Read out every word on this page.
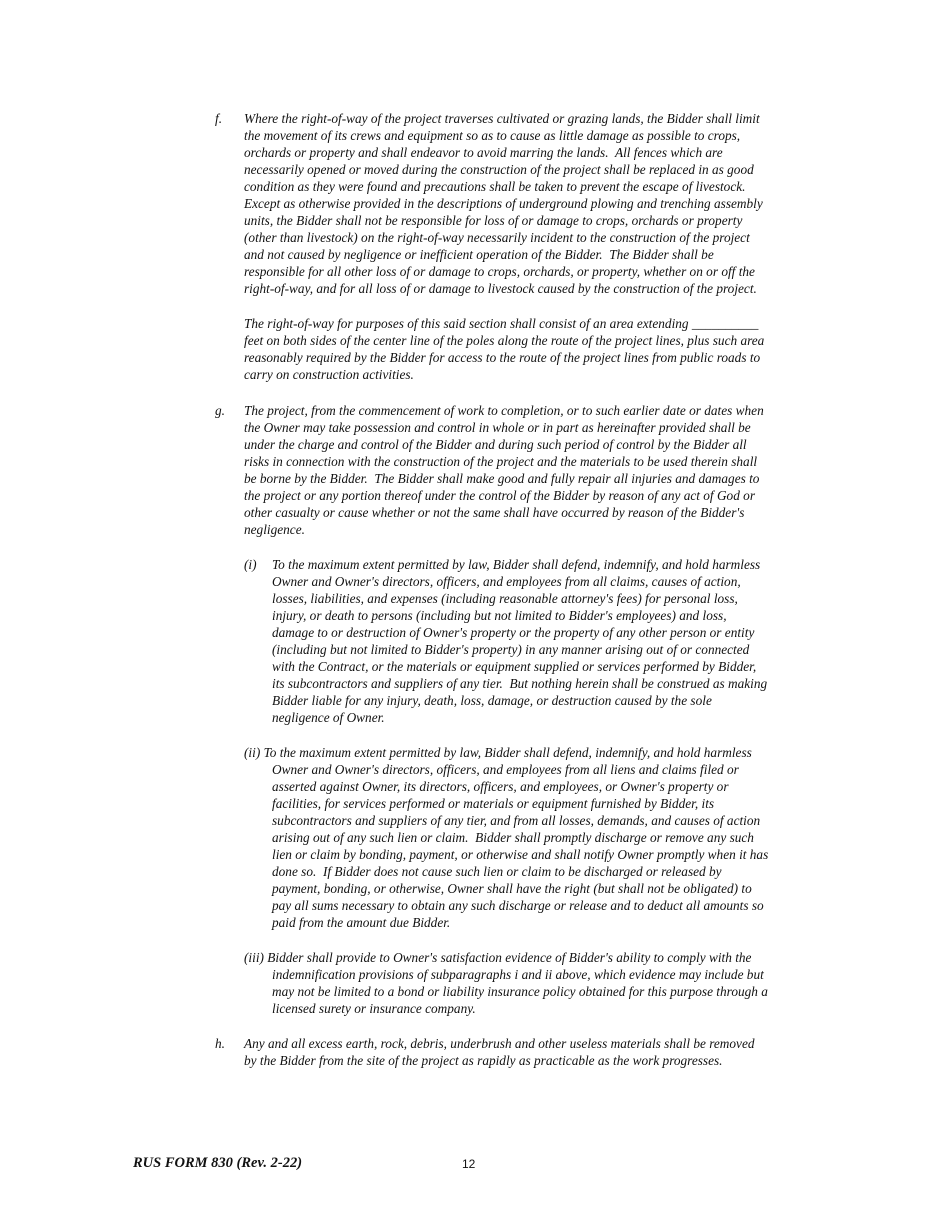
f. Where the right-of-way of the project traverses cultivated or grazing lands, the Bidder shall limit
the movement of its crews and equipment so as to cause as little damage as possible to crops,
orchards or property and shall endeavor to avoid marring the lands.  All fences which are
necessarily opened or moved during the construction of the project shall be replaced in as good
condition as they were found and precautions shall be taken to prevent the escape of livestock.
Except as otherwise provided in the descriptions of underground plowing and trenching assembly
units, the Bidder shall not be responsible for loss of or damage to crops, orchards or property
(other than livestock) on the right-of-way necessarily incident to the construction of the project
and not caused by negligence or inefficient operation of the Bidder.  The Bidder shall be
responsible for all other loss of or damage to crops, orchards, or property, whether on or off the
right-of-way, and for all loss of or damage to livestock caused by the construction of the project.
The right-of-way for purposes of this said section shall consist of an area extending __________
feet on both sides of the center line of the poles along the route of the project lines, plus such area
reasonably required by the Bidder for access to the route of the project lines from public roads to
carry on construction activities.
g. The project, from the commencement of work to completion, or to such earlier date or dates when
the Owner may take possession and control in whole or in part as hereinafter provided shall be
under the charge and control of the Bidder and during such period of control by the Bidder all
risks in connection with the construction of the project and the materials to be used therein shall
be borne by the Bidder.  The Bidder shall make good and fully repair all injuries and damages to
the project or any portion thereof under the control of the Bidder by reason of any act of God or
other casualty or cause whether or not the same shall have occurred by reason of the Bidder's
negligence.
(i) To the maximum extent permitted by law, Bidder shall defend, indemnify, and hold harmless
Owner and Owner's directors, officers, and employees from all claims, causes of action,
losses, liabilities, and expenses (including reasonable attorney's fees) for personal loss,
injury, or death to persons (including but not limited to Bidder's employees) and loss,
damage to or destruction of Owner's property or the property of any other person or entity
(including but not limited to Bidder's property) in any manner arising out of or connected
with the Contract, or the materials or equipment supplied or services performed by Bidder,
its subcontractors and suppliers of any tier.  But nothing herein shall be construed as making
Bidder liable for any injury, death, loss, damage, or destruction caused by the sole
negligence of Owner.
(ii) To the maximum extent permitted by law, Bidder shall defend, indemnify, and hold harmless
Owner and Owner's directors, officers, and employees from all liens and claims filed or
asserted against Owner, its directors, officers, and employees, or Owner's property or
facilities, for services performed or materials or equipment furnished by Bidder, its
subcontractors and suppliers of any tier, and from all losses, demands, and causes of action
arising out of any such lien or claim.  Bidder shall promptly discharge or remove any such
lien or claim by bonding, payment, or otherwise and shall notify Owner promptly when it has
done so.  If Bidder does not cause such lien or claim to be discharged or released by
payment, bonding, or otherwise, Owner shall have the right (but shall not be obligated) to
pay all sums necessary to obtain any such discharge or release and to deduct all amounts so
paid from the amount due Bidder.
(iii) Bidder shall provide to Owner's satisfaction evidence of Bidder's ability to comply with the
indemnification provisions of subparagraphs i and ii above, which evidence may include but
may not be limited to a bond or liability insurance policy obtained for this purpose through a
licensed surety or insurance company.
h. Any and all excess earth, rock, debris, underbrush and other useless materials shall be removed
by the Bidder from the site of the project as rapidly as practicable as the work progresses.
RUS FORM 830 (Rev. 2-22)	12
